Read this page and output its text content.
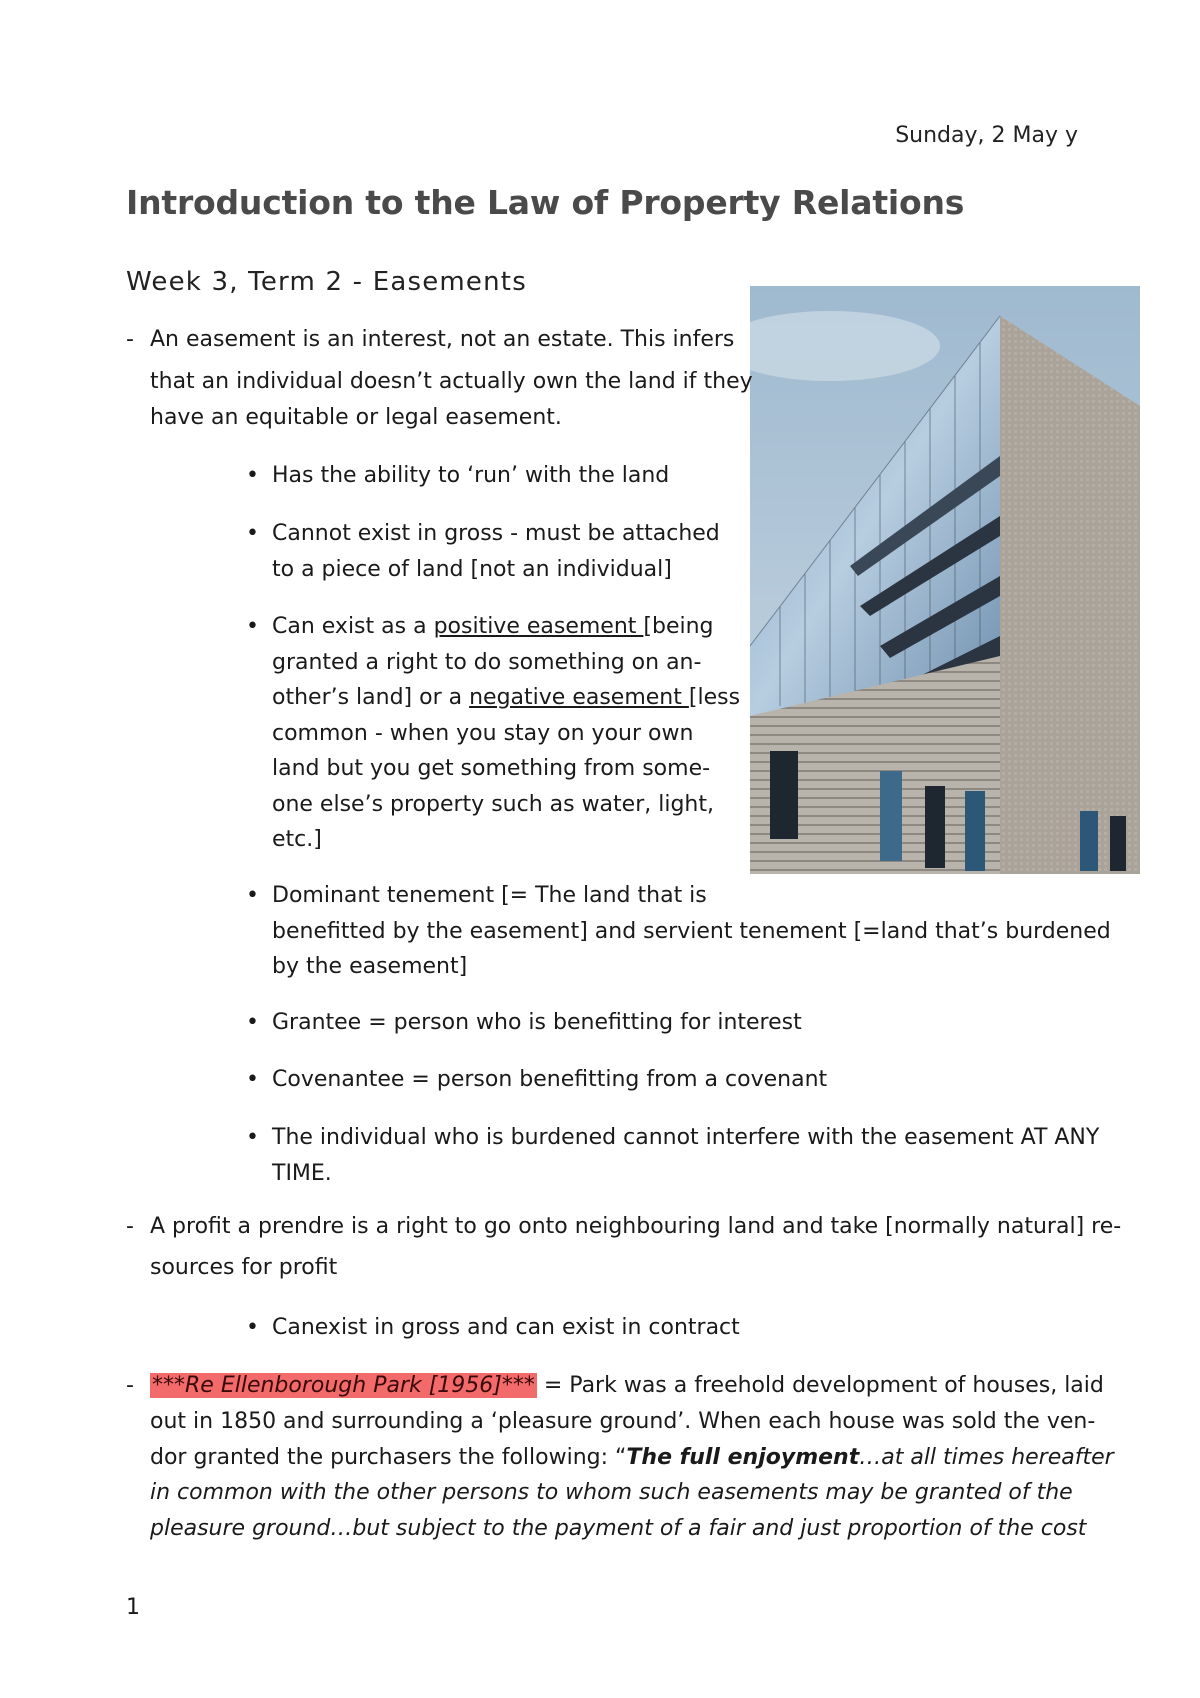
Sunday, 2 May y
Introduction to the Law of Property Relations
Week 3, Term 2 - Easements
- An easement is an interest, not an estate. This infers
that an individual doesn’t actually own the land if they
have an equitable or legal easement.
• Has the ability to ‘run’ with the land
• Cannot exist in gross - must be attached
to a piece of land [not an individual]
• Can exist as a positive easement [being
granted a right to do something on an-
other’s land] or a negative easement [less
common - when you stay on your own
land but you get something from some-
one else’s property such as water, light,
etc.]
• Dominant tenement [= The land that is
benefitted by the easement] and servient tenement [=land that’s burdened
by the easement]
• Grantee = person who is benefitting for interest
• Covenantee = person benefitting from a covenant
• The individual who is burdened cannot interfere with the easement AT ANY
TIME.
- A profit a prendre is a right to go onto neighbouring land and take [normally natural] re-
sources for profit
• Canexist in gross and can exist in contract
- ***Re Ellenborough Park [1956]*** = Park was a freehold development of houses, laid
out in 1850 and surrounding a ‘pleasure ground’. When each house was sold the ven-
dor granted the purchasers the following: “The full enjoyment…at all times hereafter
in common with the other persons to whom such easements may be granted of the
pleasure ground…but subject to the payment of a fair and just proportion of the cost
1
